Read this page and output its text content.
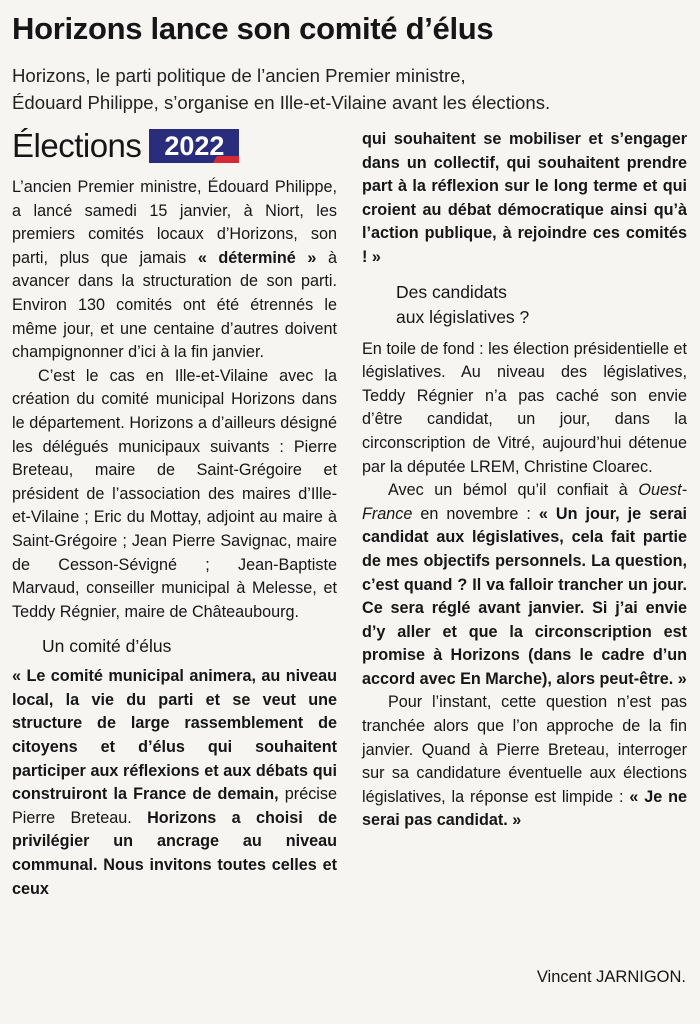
Horizons lance son comité d’élus
Horizons, le parti politique de l’ancien Premier ministre,
Édouard Philippe, s’organise en Ille-et-Vilaine avant les élections.
Élections 2022

L’ancien Premier ministre, Édouard Philippe, a lancé samedi 15 janvier, à Niort, les premiers comités locaux d’Horizons, son parti, plus que jamais « déterminé » à avancer dans la structuration de son parti. Environ 130 comités ont été étrennés le même jour, et une centaine d’autres doivent champignonner d’ici à la fin janvier.

C’est le cas en Ille-et-Vilaine avec la création du comité municipal Horizons dans le département. Horizons a d’ailleurs désigné les délégués municipaux suivants : Pierre Breteau, maire de Saint-Grégoire et président de l’association des maires d’Ille-et-Vilaine ; Eric du Mottay, adjoint au maire à Saint-Grégoire ; Jean Pierre Savignac, maire de Cesson-Sévigné ; Jean-Baptiste Marvaud, conseiller municipal à Melesse, et Teddy Régnier, maire de Châteaubourg.

Un comité d’élus

« Le comité municipal animera, au niveau local, la vie du parti et se veut une structure de large rassemblement de citoyens et d’élus qui souhaitent participer aux réflexions et aux débats qui construiront la France de demain, précise Pierre Breteau. Horizons a choisi de privilégier un ancrage au niveau communal. Nous invitons toutes celles et ceux

qui souhaitent se mobiliser et s’engager dans un collectif, qui souhaitent prendre part à la réflexion sur le long terme et qui croient au débat démocratique ainsi qu’à l’action publique, à rejoindre ces comités ! »

Des candidats
aux législatives ?

En toile de fond : les élection présidentielle et législatives. Au niveau des législatives, Teddy Régnier n’a pas caché son envie d’être candidat, un jour, dans la circonscription de Vitré, aujourd’hui détenue par la députée LREM, Christine Cloarec.

Avec un bémol qu’il confiait à Ouest-France en novembre : « Un jour, je serai candidat aux législatives, cela fait partie de mes objectifs personnels. La question, c’est quand ? Il va falloir trancher un jour. Ce sera réglé avant janvier. Si j’ai envie d’y aller et que la circonscription est promise à Horizons (dans le cadre d’un accord avec En Marche), alors peut-être. »

Pour l’instant, cette question n’est pas tranchée alors que l’on approche de la fin janvier. Quand à Pierre Breteau, interroger sur sa candidature éventuelle aux élections législatives, la réponse est limpide : « Je ne serai pas candidat. »

Vincent JARNIGON.
